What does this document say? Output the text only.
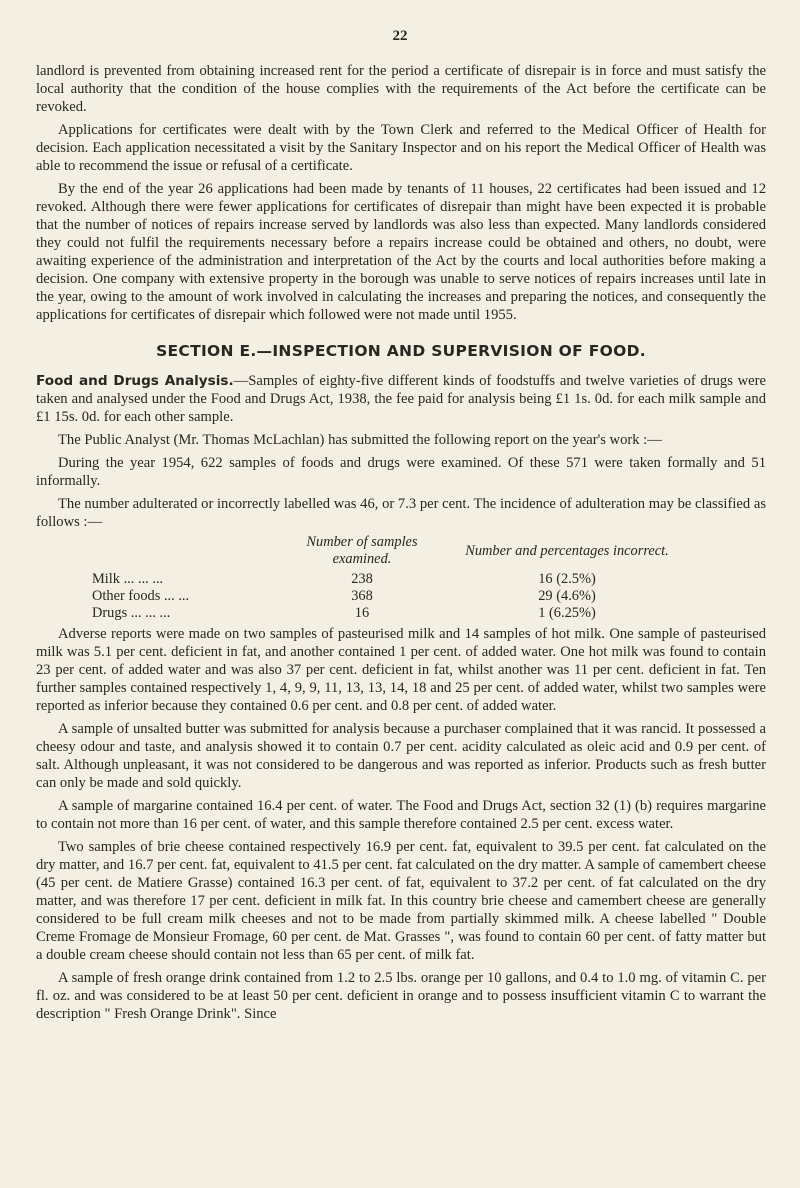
22

landlord is prevented from obtaining increased rent for the period a certificate of disrepair is in force and must satisfy the local authority that the condition of the house complies with the requirements of the Act before the certificate can be revoked.

Applications for certificates were dealt with by the Town Clerk and referred to the Medical Officer of Health for decision. Each application necessitated a visit by the Sanitary Inspector and on his report the Medical Officer of Health was able to recommend the issue or refusal of a certificate.

By the end of the year 26 applications had been made by tenants of 11 houses, 22 certificates had been issued and 12 revoked. Although there were fewer applications for certificates of disrepair than might have been expected it is probable that the number of notices of repairs increase served by landlords was also less than expected. Many landlords considered they could not fulfil the requirements necessary before a repairs increase could be obtained and others, no doubt, were awaiting experience of the administration and interpretation of the Act by the courts and local authorities before making a decision. One company with extensive property in the borough was unable to serve notices of repairs increases until late in the year, owing to the amount of work involved in calculating the increases and preparing the notices, and consequently the applications for certificates of disrepair which followed were not made until 1955.

SECTION E.—INSPECTION AND SUPERVISION OF FOOD.

Food and Drugs Analysis.—Samples of eighty-five different kinds of foodstuffs and twelve varieties of drugs were taken and analysed under the Food and Drugs Act, 1938, the fee paid for analysis being £1 1s. 0d. for each milk sample and £1 15s. 0d. for each other sample.

The Public Analyst (Mr. Thomas McLachlan) has submitted the following report on the year's work :—

During the year 1954, 622 samples of foods and drugs were examined. Of these 571 were taken formally and 51 informally.

The number adulterated or incorrectly labelled was 46, or 7.3 per cent. The incidence of adulteration may be classified as follows :—

	Number of samples examined.	Number and percentages incorrect.
Milk ... ... ...	238	16 (2.5%)
Other foods ... ...	368	29 (4.6%)
Drugs ... ... ...	16	1 (6.25%)

Adverse reports were made on two samples of pasteurised milk and 14 samples of hot milk. One sample of pasteurised milk was 5.1 per cent. deficient in fat, and another contained 1 per cent. of added water. One hot milk was found to contain 23 per cent. of added water and was also 37 per cent. deficient in fat, whilst another was 11 per cent. deficient in fat. Ten further samples contained respectively 1, 4, 9, 9, 11, 13, 13, 14, 18 and 25 per cent. of added water, whilst two samples were reported as inferior because they contained 0.6 per cent. and 0.8 per cent. of added water.

A sample of unsalted butter was submitted for analysis because a purchaser complained that it was rancid. It possessed a cheesy odour and taste, and analysis showed it to contain 0.7 per cent. acidity calculated as oleic acid and 0.9 per cent. of salt. Although unpleasant, it was not considered to be dangerous and was reported as inferior. Products such as fresh butter can only be made and sold quickly.

A sample of margarine contained 16.4 per cent. of water. The Food and Drugs Act, section 32 (1) (b) requires margarine to contain not more than 16 per cent. of water, and this sample therefore contained 2.5 per cent. excess water.

Two samples of brie cheese contained respectively 16.9 per cent. fat, equivalent to 39.5 per cent. fat calculated on the dry matter, and 16.7 per cent. fat, equivalent to 41.5 per cent. fat calculated on the dry matter. A sample of camembert cheese (45 per cent. de Matiere Grasse) contained 16.3 per cent. of fat, equivalent to 37.2 per cent. of fat calculated on the dry matter, and was therefore 17 per cent. deficient in milk fat. In this country brie cheese and camembert cheese are generally considered to be full cream milk cheeses and not to be made from partially skimmed milk. A cheese labelled " Double Creme Fromage de Monsieur Fromage, 60 per cent. de Mat. Grasses ", was found to contain 60 per cent. of fatty matter but a double cream cheese should contain not less than 65 per cent. of milk fat.

A sample of fresh orange drink contained from 1.2 to 2.5 lbs. orange per 10 gallons, and 0.4 to 1.0 mg. of vitamin C. per fl. oz. and was considered to be at least 50 per cent. deficient in orange and to possess insufficient vitamin C to warrant the description " Fresh Orange Drink". Since
